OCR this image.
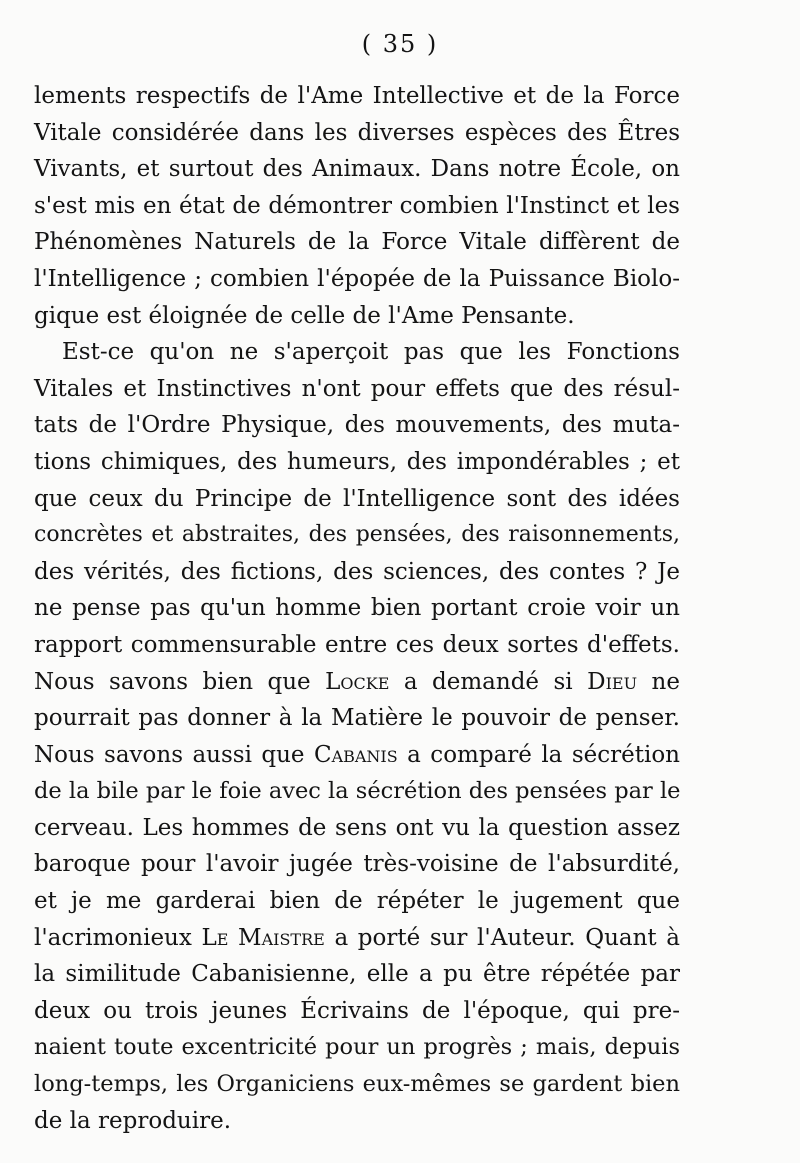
( 35 )
lements respectifs de l'Ame Intellective et de la Force
Vitale considérée dans les diverses espèces des Êtres
Vivants, et surtout des Animaux. Dans notre École, on
s'est mis en état de démontrer combien l'Instinct et les
Phénomènes Naturels de la Force Vitale diffèrent de
l'Intelligence ; combien l'épopée de la Puissance Biolo-
gique est éloignée de celle de l'Ame Pensante.
Est-ce qu'on ne s'aperçoit pas que les Fonctions
Vitales et Instinctives n'ont pour effets que des résul-
tats de l'Ordre Physique, des mouvements, des muta-
tions chimiques, des humeurs, des impondérables ; et
que ceux du Principe de l'Intelligence sont des idées
concrètes et abstraites, des pensées, des raisonnements,
des vérités, des fictions, des sciences, des contes ? Je
ne pense pas qu'un homme bien portant croie voir un
rapport commensurable entre ces deux sortes d'effets.
Nous savons bien que Locke a demandé si Dieu ne
pourrait pas donner à la Matière le pouvoir de penser.
Nous savons aussi que Cabanis a comparé la sécrétion
de la bile par le foie avec la sécrétion des pensées par le
cerveau. Les hommes de sens ont vu la question assez
baroque pour l'avoir jugée très-voisine de l'absurdité,
et je me garderai bien de répéter le jugement que
l'acrimonieux Le Maistre a porté sur l'Auteur. Quant à
la similitude Cabanisienne, elle a pu être répétée par
deux ou trois jeunes Écrivains de l'époque, qui pre-
naient toute excentricité pour un progrès ; mais, depuis
long-temps, les Organiciens eux-mêmes se gardent bien
de la reproduire.
